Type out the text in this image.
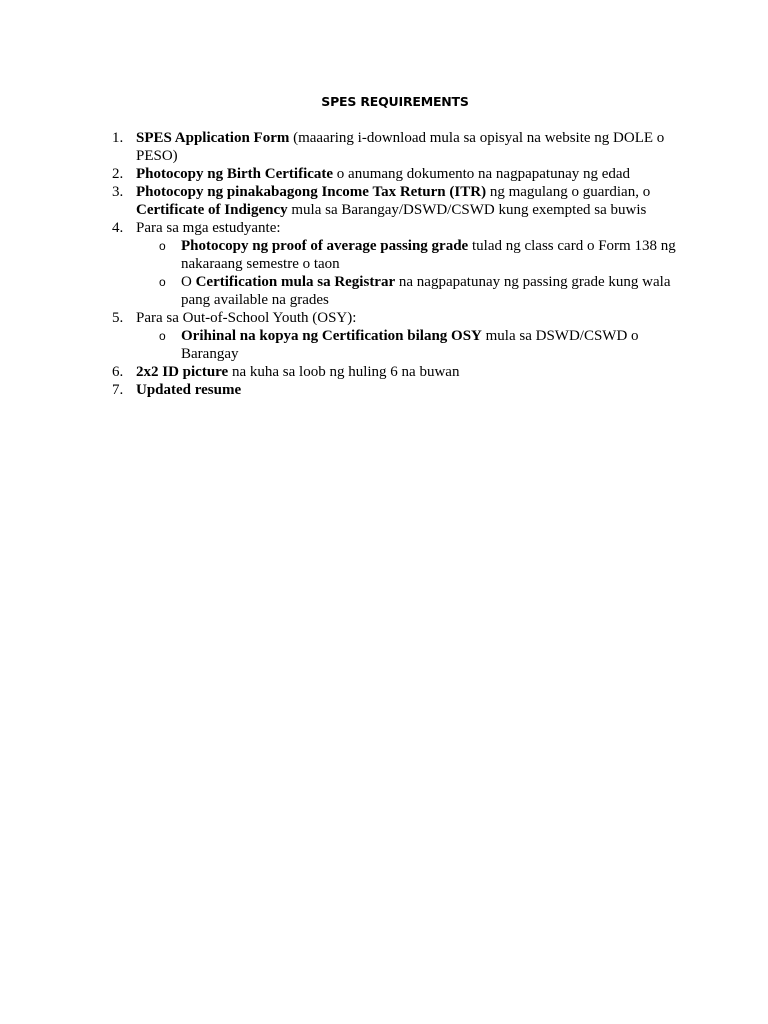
SPES REQUIREMENTS
1. SPES Application Form (maaaring i-download mula sa opisyal na website ng DOLE o PESO)
2. Photocopy ng Birth Certificate o anumang dokumento na nagpapatunay ng edad
3. Photocopy ng pinakabagong Income Tax Return (ITR) ng magulang o guardian, o Certificate of Indigency mula sa Barangay/DSWD/CSWD kung exempted sa buwis
4. Para sa mga estudyante:
o Photocopy ng proof of average passing grade tulad ng class card o Form 138 ng nakaraang semestre o taon
o O Certification mula sa Registrar na nagpapatunay ng passing grade kung wala pang available na grades
5. Para sa Out-of-School Youth (OSY):
o Orihinal na kopya ng Certification bilang OSY mula sa DSWD/CSWD o Barangay
6. 2x2 ID picture na kuha sa loob ng huling 6 na buwan
7. Updated resume
